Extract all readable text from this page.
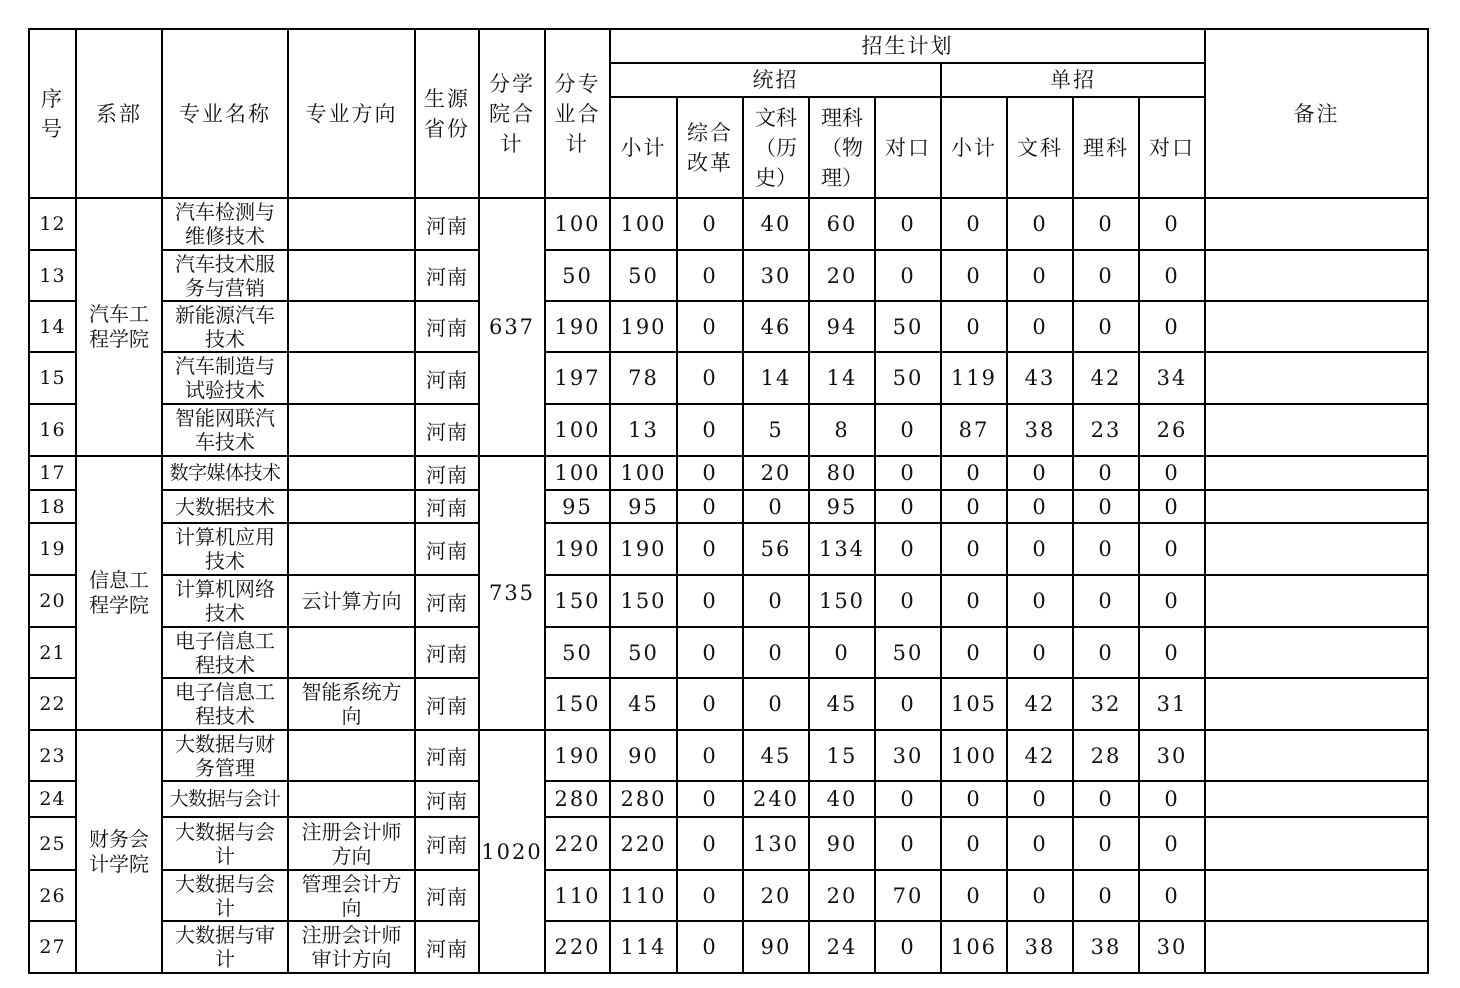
序号	系部	专业名称	专业方向	生源省份	分学院合计	分专业合计	招生计划									备注
							统招					单招				
							小计	综合改革	文科（历史）	理科（物理）	对口	小计	文科	理科	对口	
12	汽车工程学院	汽车检测与维修技术		河南	637	100	100	0	40	60	0	0	0	0	0	
13		汽车技术服务与营销		河南		50	50	0	30	20	0	0	0	0	0	
14		新能源汽车技术		河南		190	190	0	46	94	50	0	0	0	0	
15		汽车制造与试验技术		河南		197	78	0	14	14	50	119	43	42	34	
16		智能网联汽车技术		河南		100	13	0	5	8	0	87	38	23	26	
17	信息工程学院	数字媒体技术		河南	735	100	100	0	20	80	0	0	0	0	0	
18		大数据技术		河南		95	95	0	0	95	0	0	0	0	0	
19		计算机应用技术		河南		190	190	0	56	134	0	0	0	0	0	
20		计算机网络技术	云计算方向	河南		150	150	0	0	150	0	0	0	0	0	
21		电子信息工程技术		河南		50	50	0	0	0	50	0	0	0	0	
22		电子信息工程技术	智能系统方向	河南		150	45	0	0	45	0	105	42	32	31	
23	财务会计学院	大数据与财务管理		河南	1020	190	90	0	45	15	30	100	42	28	30	
24		大数据与会计		河南		280	280	0	240	40	0	0	0	0	0	
25		大数据与会计	注册会计师方向	河南		220	220	0	130	90	0	0	0	0	0	
26		大数据与会计	管理会计方向	河南		110	110	0	20	20	70	0	0	0	0	
27		大数据与审计	注册会计师审计方向	河南		220	114	0	90	24	0	106	38	38	30	
